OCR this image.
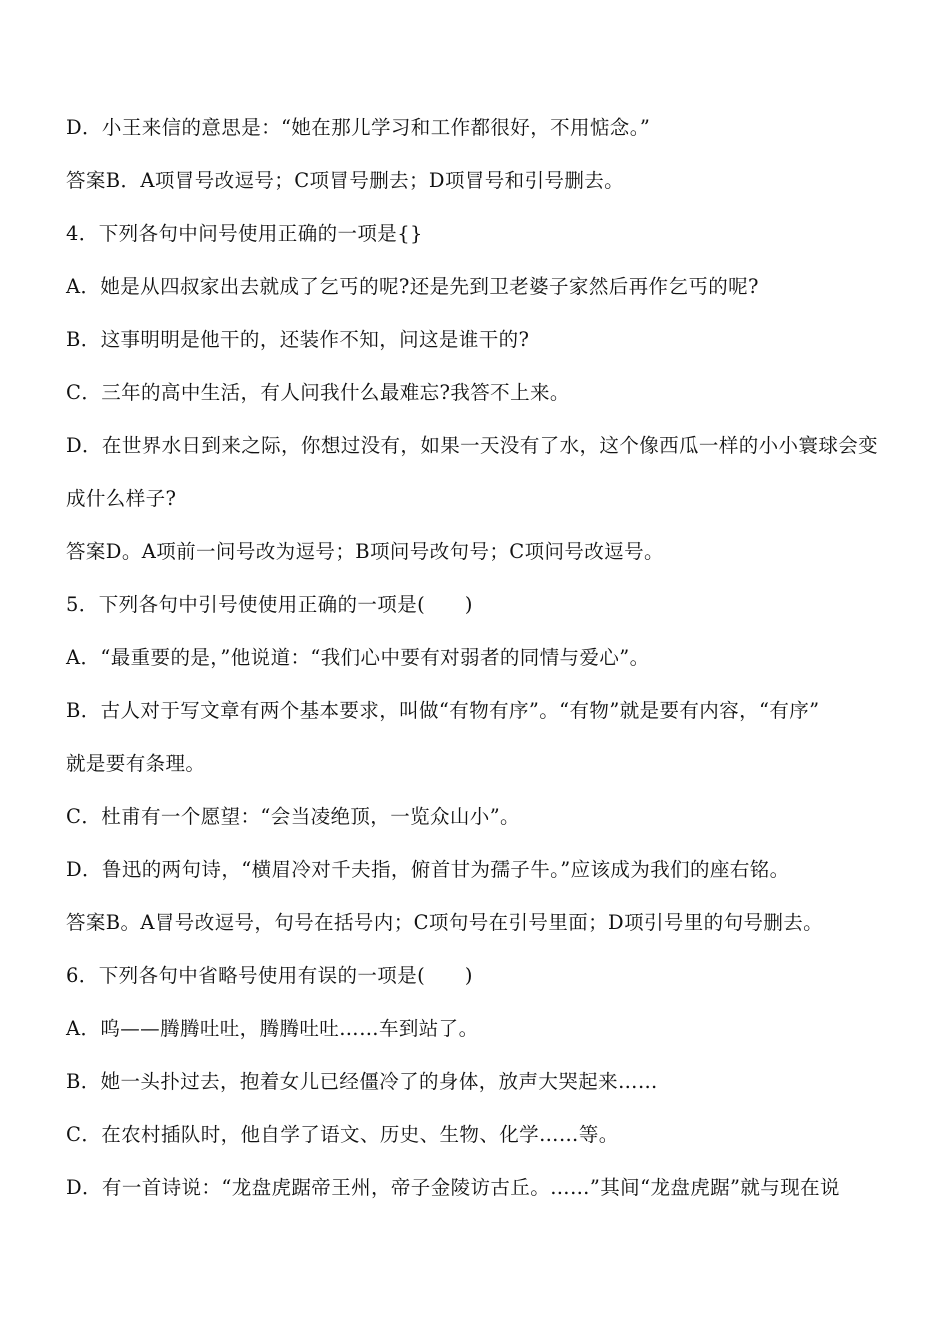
D．小王来信的意思是：“她在那儿学习和工作都很好，不用惦念。”
答案B．A项冒号改逗号；C项冒号删去；D项冒号和引号删去。
4．下列各句中问号使用正确的一项是{}
A．她是从四叔家出去就成了乞丐的呢?还是先到卫老婆子家然后再作乞丐的呢?
B．这事明明是他干的，还装作不知，问这是谁干的?
C．三年的高中生活，有人问我什么最难忘?我答不上来。
D．在世界水日到来之际，你想过没有，如果一天没有了水，这个像西瓜一样的小小寰球会变
成什么样子?
答案D。A项前一问号改为逗号；B项问号改句号；C项问号改逗号。
5．下列各句中引号使使用正确的一项是(　　)
A．“最重要的是，”他说道：“我们心中要有对弱者的同情与爱心”。
B．古人对于写文章有两个基本要求，叫做“有物有序”。“有物”就是要有内容，“有序”
就是要有条理。
C．杜甫有一个愿望：“会当凌绝顶，一览众山小”。
D．鲁迅的两句诗，“横眉冷对千夫指，俯首甘为孺子牛。”应该成为我们的座右铭。
答案B。A冒号改逗号，句号在括号内；C项句号在引号里面；D项引号里的句号删去。
6．下列各句中省略号使用有误的一项是(　　)
A．呜——腾腾吐吐，腾腾吐吐……车到站了。
B．她一头扑过去，抱着女儿已经僵冷了的身体，放声大哭起来……
C．在农村插队时，他自学了语文、历史、生物、化学……等。
D．有一首诗说：“龙盘虎踞帝王州，帝子金陵访古丘。……”其间“龙盘虎踞”就与现在说
